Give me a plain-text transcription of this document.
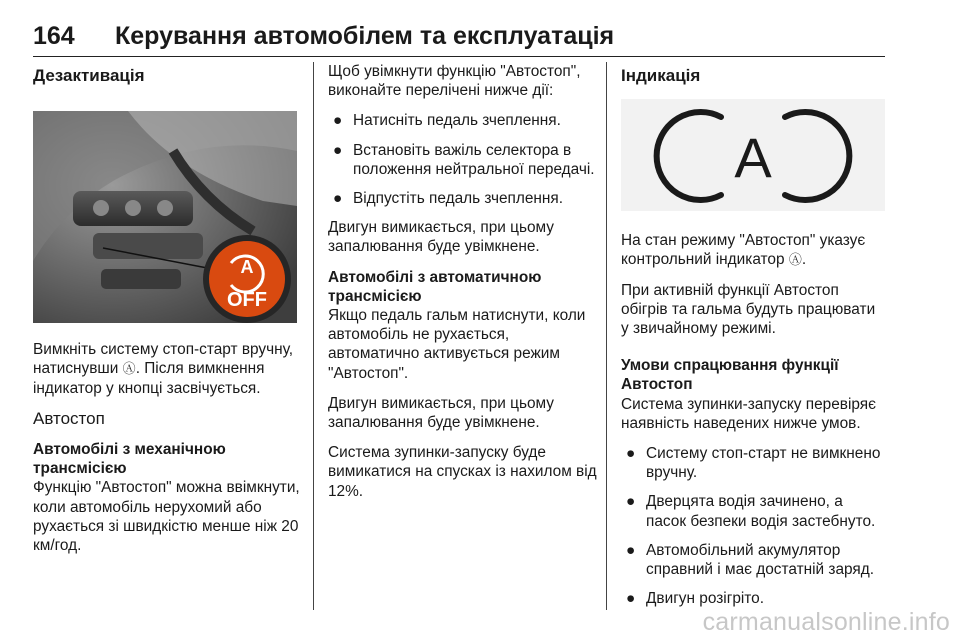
164 Керування автомобілем та експлуатація
Дезактивація
A
OFF

Вимкніть систему стоп-старт вручну, натиснувши Ⓐ. Після вимкнення індикатор у кнопці засвічується.

Автостоп

Автомобілі з механічною трансмісією

Функцію "Автостоп" можна ввімкнути, коли автомобіль нерухомий або рухається зі швидкістю менше ніж 20 км/год.

Щоб увімкнути функцію "Автостоп", виконайте перелічені нижче дії:

● Натисніть педаль зчеплення.
● Встановіть важіль селектора в положення нейтральної передачі.
● Відпустіть педаль зчеплення.

Двигун вимикається, при цьому запалювання буде увімкнене.

Автомобілі з автоматичною трансмісією

Якщо педаль гальм натиснути, коли автомобіль не рухається, автоматично активується режим "Автостоп".

Двигун вимикається, при цьому запалювання буде увімкнене.

Система зупинки-запуску буде вимикатися на спусках із нахилом від 12%.

Індикація
A

На стан режиму "Автостоп" указує контрольний індикатор Ⓐ.

При активній функції Автостоп обігрів та гальма будуть працювати у звичайному режимі.

Умови спрацювання функції Автостоп

Система зупинки-запуску перевіряє наявність наведених нижче умов.

● Систему стоп-старт не вимкнено вручну.
● Дверцята водія зачинено, а пасок безпеки водія застебнуто.
● Автомобільний акумулятор справний і має достатній заряд.
● Двигун розігріто.
carmanualsonline.info
